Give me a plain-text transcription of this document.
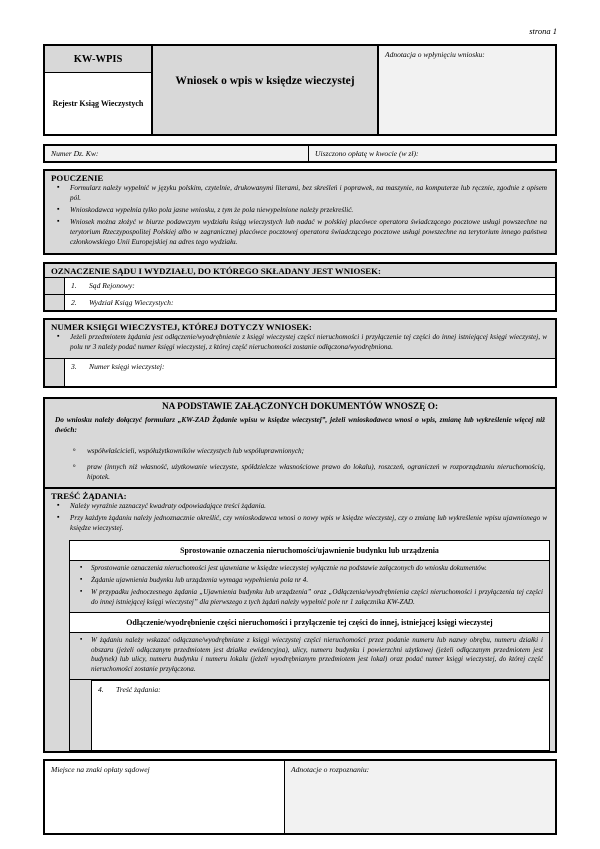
strona 1
KW-WPIS
Rejestr Ksiąg Wieczystych
Wniosek o wpis w księdze wieczystej
Adnotacja o wpłynięciu wniosku:
Numer Dz. Kw:	Uiszczono opłatę w kwocie (w zł):
POUCZENIE
▪ Formularz należy wypełnić w języku polskim, czytelnie, drukowanymi literami, bez skreśleń i poprawek, na maszynie, na komputerze lub ręcznie, zgodnie z opisem pól.
▪ Wnioskodawca wypełnia tylko pola jasne wniosku, z tym że pola niewypełnione należy przekreślić.
▪ Wniosek można złożyć w biurze podawczym wydziału ksiąg wieczystych lub nadać w polskiej placówce operatora świadczącego pocztowe usługi powszechne na terytorium Rzeczypospolitej Polskiej albo w zagranicznej placówce pocztowej operatora świadczącego pocztowe usługi powszechne na terytorium innego państwa członkowskiego Unii Europejskiej na adres tego wydziału.
OZNACZENIE SĄDU I WYDZIAŁU, DO KTÓREGO SKŁADANY JEST WNIOSEK:
1.	Sąd Rejonowy:
2.	Wydział Ksiąg Wieczystych:
NUMER KSIĘGI WIECZYSTEJ, KTÓREJ DOTYCZY WNIOSEK:
▪ Jeżeli przedmiotem żądania jest odłączenie/wyodrębnienie z księgi wieczystej części nieruchomości i przyłączenie tej części do innej istniejącej księgi wieczystej, w polu nr 3 należy podać numer księgi wieczystej, z której część nieruchomości zostanie odłączona/wyodrębniona.
3.	Numer księgi wieczystej:
NA PODSTAWIE ZAŁĄCZONYCH DOKUMENTÓW WNOSZĘ O:
Do wniosku należy dołączyć formularz „KW-ZAD Żądanie wpisu w księdze wieczystej”, jeżeli wnioskodawca wnosi o wpis, zmianę lub wykreślenie więcej niż dwóch:
º współwłaścicieli, współużytkowników wieczystych lub współuprawnionych;
º praw (innych niż własność, użytkowanie wieczyste, spółdzielcze własnościowe prawo do lokalu), roszczeń, ograniczeń w rozporządzaniu nieruchomością, hipotek.
TREŚĆ ŻĄDANIA:
▪ Należy wyraźnie zaznaczyć kwadraty odpowiadające treści żądania.
▪ Przy każdym żądaniu należy jednoznacznie określić, czy wnioskodawca wnosi o nowy wpis w księdze wieczystej, czy o zmianę lub wykreślenie wpisu ujawnionego w księdze wieczystej.
Sprostowanie oznaczenia nieruchomości/ujawnienie budynku lub urządzenia
▪ Sprostowanie oznaczenia nieruchomości jest ujawniane w księdze wieczystej wyłącznie na podstawie załączonych do wniosku dokumentów.
▪ Żądanie ujawnienia budynku lub urządzenia wymaga wypełnienia pola nr 4.
▪ W przypadku jednoczesnego żądania „Ujawnienia budynku lub urządzenia” oraz „Odłączenia/wyodrębnienia części nieruchomości i przyłączenia tej części do innej istniejącej księgi wieczystej” dla pierwszego z tych żądań należy wypełnić pole nr 1 załącznika KW-ZAD.
Odłączenie/wyodrębnienie części nieruchomości i przyłączenie tej części do innej, istniejącej księgi wieczystej
▪ W żądaniu należy wskazać odłączane/wyodrębniane z księgi wieczystej części nieruchomości przez podanie numeru lub nazwy obrębu, numeru działki i obszaru (jeżeli odłączanym przedmiotem jest działka ewidencyjna), ulicy, numeru budynku i powierzchni użytkowej (jeżeli odłączanym przedmiotem jest budynek) lub ulicy, numeru budynku i numeru lokalu (jeżeli wyodrębnianym przedmiotem jest lokal) oraz podać numer księgi wieczystej, do której część nieruchomości zostanie przyłączona.
4.	Treść żądania:
Miejsce na znaki opłaty sądowej	Adnotacje o rozpoznaniu:
